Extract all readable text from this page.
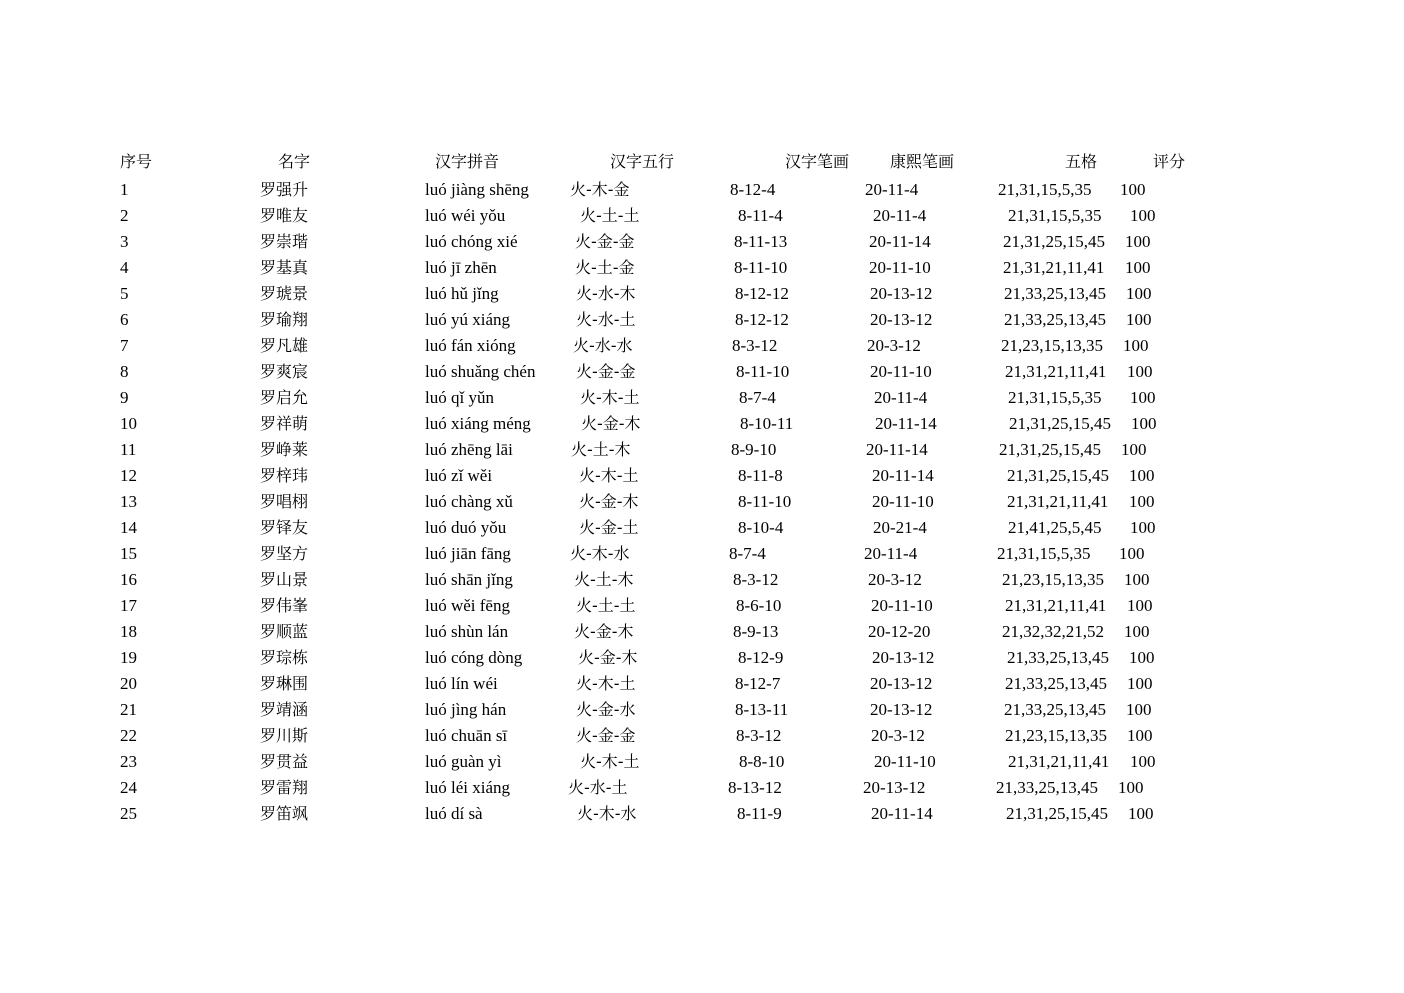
序号	名字	汉字拼音	汉字五行	汉字笔画	康熙笔画	五格	评分
1	罗强升	luó jiàng shēng	火-木-金	8-12-4	20-11-4	21,31,15,5,35 100
2	罗唯友	luó wéi yǒu	火-土-土	8-11-4	20-11-4	21,31,15,5,35 100
3	罗崇瑎	luó chóng xié	火-金-金	8-11-13	20-11-14	21,31,25,15,45 100
4	罗基真	luó jī zhēn	火-土-金	8-11-10	20-11-10	21,31,21,11,41 100
5	罗琥景	luó hǔ jǐng	火-水-木	8-12-12	20-13-12	21,33,25,13,45 100
6	罗瑜翔	luó yú xiáng	火-水-土	8-12-12	20-13-12	21,33,25,13,45 100
7	罗凡雄	luó fán xióng	火-水-水	8-3-12	20-3-12	21,23,15,13,35 100
8	罗爽宸	luó shuǎng chén	火-金-金	8-11-10	20-11-10	21,31,21,11,41 100
9	罗启允	luó qǐ yǔn	火-木-土	8-7-4	20-11-4	21,31,15,5,35 100
10	罗祥萌	luó xiáng méng	火-金-木	8-10-11	20-11-14	21,31,25,15,45 100
11	罗峥莱	luó zhēng lāi	火-土-木	8-9-10	20-11-14	21,31,25,15,45 100
12	罗梓玮	luó zǐ wěi	火-木-土	8-11-8	20-11-14	21,31,25,15,45 100
13	罗唱栩	luó chàng xǔ	火-金-木	8-11-10	20-11-10	21,31,21,11,41 100
14	罗铎友	luó duó yǒu	火-金-土	8-10-4	20-21-4	21,41,25,5,45 100
15	罗坚方	luó jiān fāng	火-木-水	8-7-4	20-11-4	21,31,15,5,35 100
16	罗山景	luó shān jǐng	火-土-木	8-3-12	20-3-12	21,23,15,13,35 100
17	罗伟峯	luó wěi fēng	火-土-土	8-6-10	20-11-10	21,31,21,11,41 100
18	罗顺蓝	luó shùn lán	火-金-木	8-9-13	20-12-20	21,32,32,21,52 100
19	罗琮栋	luó cóng dòng	火-金-木	8-12-9	20-13-12	21,33,25,13,45 100
20	罗琳围	luó lín wéi	火-木-土	8-12-7	20-13-12	21,33,25,13,45 100
21	罗靖涵	luó jìng hán	火-金-水	8-13-11	20-13-12	21,33,25,13,45 100
22	罗川斯	luó chuān sī	火-金-金	8-3-12	20-3-12	21,23,15,13,35 100
23	罗贯益	luó guàn yì	火-木-土	8-8-10	20-11-10	21,31,21,11,41 100
24	罗雷翔	luó léi xiáng	火-水-土	8-13-12	20-13-12	21,33,25,13,45 100
25	罗笛飒	luó dí sà	火-木-水	8-11-9	20-11-14	21,31,25,15,45 100
